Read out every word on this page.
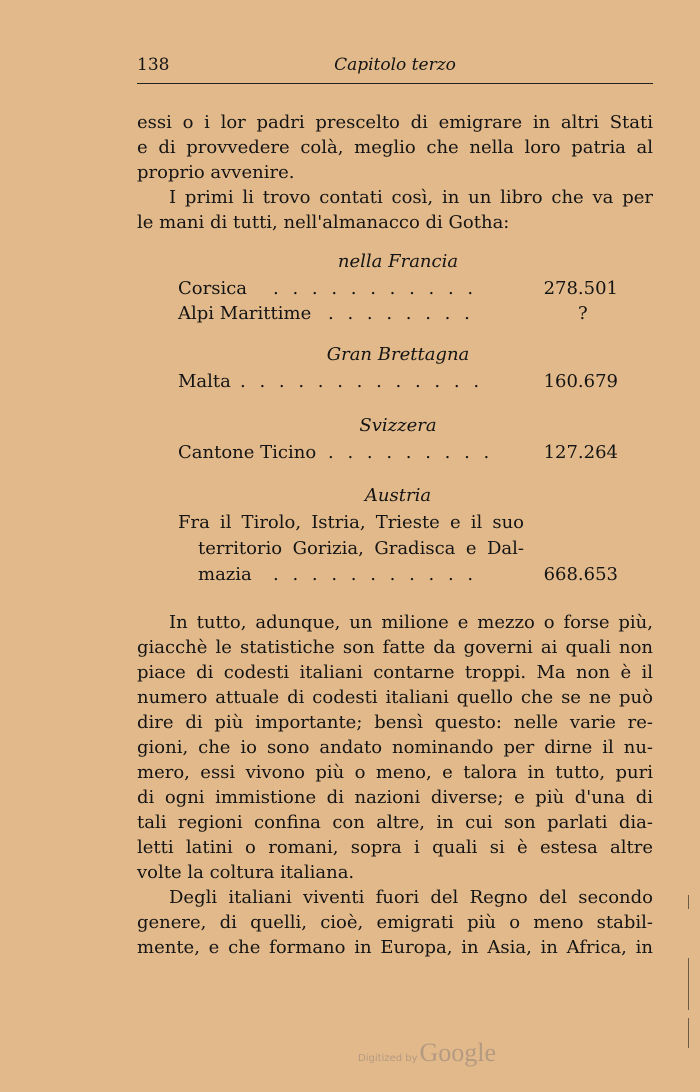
138	Capitolo terzo
essi o i lor padri prescelto di emigrare in altri Stati
e di provvedere colà, meglio che nella loro patria al
proprio avvenire.
I primi li trovo contati così, in un libro che va per
le mani di tutti, nell'almanacco di Gotha:
nella Francia
Corsica . . . . . . . . . . .	278.501
Alpi Marittime . . . . . . . .	?
Gran Brettagna
Malta . . . . . . . . . . . . .	160.679
Svizzera
Cantone Ticino . . . . . . . . .	127.264
Austria
Fra il Tirolo, Istria, Trieste e il suo
territorio Gorizia, Gradisca e Dal-
mazia . . . . . . . . . . .	668.653
In tutto, adunque, un milione e mezzo o forse più,
giacchè le statistiche son fatte da governi ai quali non
piace di codesti italiani contarne troppi. Ma non è il
numero attuale di codesti italiani quello che se ne può
dire di più importante; bensì questo: nelle varie re-
gioni, che io sono andato nominando per dirne il nu-
mero, essi vivono più o meno, e talora in tutto, puri
di ogni immistione di nazioni diverse; e più d'una di
tali regioni confina con altre, in cui son parlati dia-
letti latini o romani, sopra i quali si è estesa altre
volte la coltura italiana.
Degli italiani viventi fuori del Regno del secondo
genere, di quelli, cioè, emigrati più o meno stabil-
mente, e che formano in Europa, in Asia, in Africa, in
Digitized byGoogle
